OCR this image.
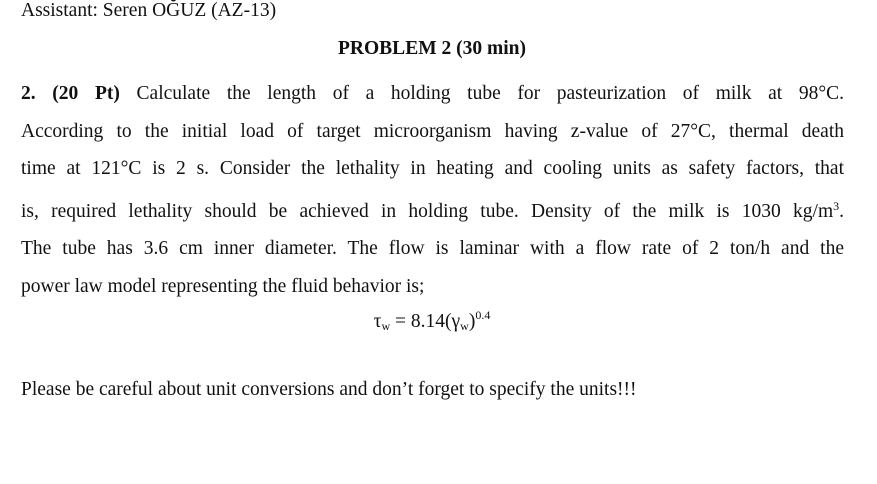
Assistant: Seren OĞUZ (AZ-13)
PROBLEM 2 (30 min)
2. (20 Pt) Calculate the length of a holding tube for pasteurization of milk at 98°C.
According to the initial load of target microorganism having z-value of 27°C, thermal death
time at 121°C is 2 s. Consider the lethality in heating and cooling units as safety factors, that
is, required lethality should be achieved in holding tube. Density of the milk is 1030 $kg/m^3$.
The tube has 3.6 cm inner diameter. The flow is laminar with a flow rate of 2 ton/h and the
power law model representing the fluid behavior is;
$\tau_w = 8.14(\gamma_w)^{0.4}$
Please be careful about unit conversions and don’t forget to specify the units!!!
